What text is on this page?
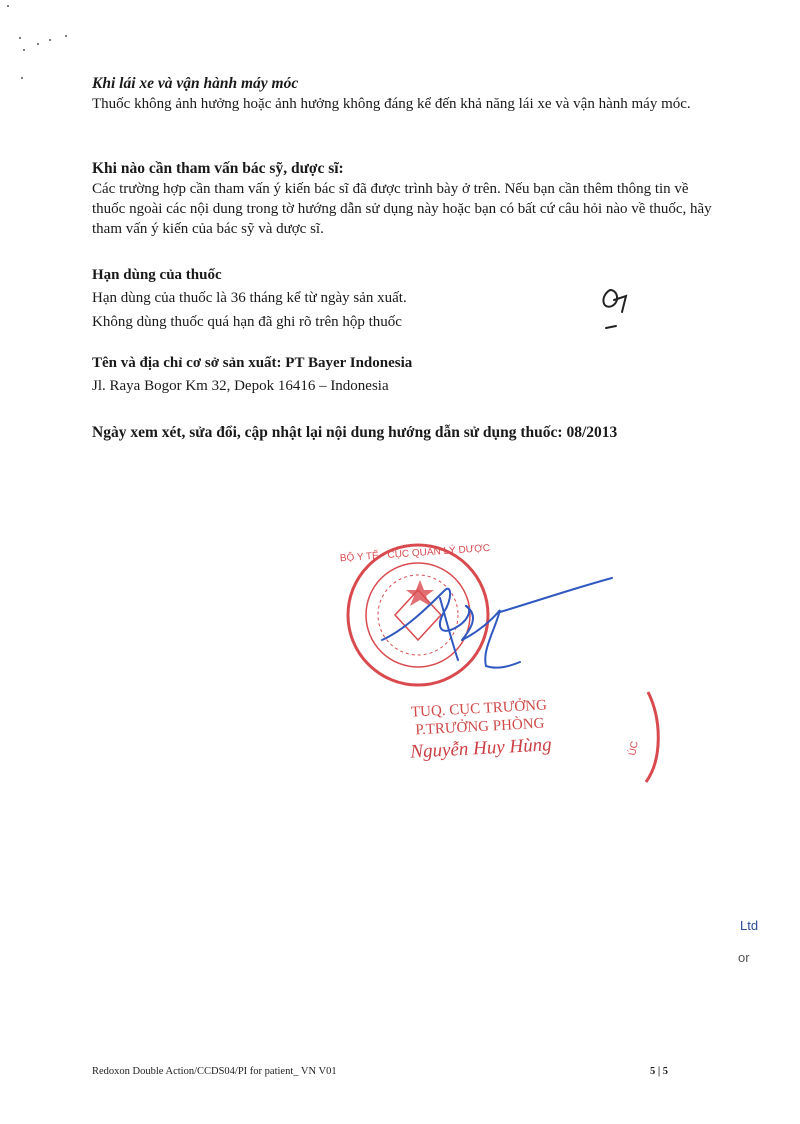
Khi lái xe và vận hành máy móc

Thuốc không ảnh hưởng hoặc ảnh hưởng không đáng kể đến khả năng lái xe và vận hành máy móc.

Khi nào cần tham vấn bác sỹ, dược sĩ:

Các trường hợp cần tham vấn ý kiến bác sĩ đã được trình bày ở trên. Nếu bạn cần thêm thông tin về thuốc ngoài các nội dung trong tờ hướng dẫn sử dụng này hoặc bạn có bất cứ câu hỏi nào về thuốc, hãy tham vấn ý kiến của bác sỹ và dược sĩ.

Hạn dùng của thuốc

Hạn dùng của thuốc là 36 tháng kể từ ngày sản xuất.

Không dùng thuốc quá hạn đã ghi rõ trên hộp thuốc

Tên và địa chỉ cơ sở sản xuất: PT Bayer Indonesia

Jl. Raya Bogor Km 32, Depok 16416 – Indonesia

Ngày xem xét, sửa đổi, cập nhật lại nội dung hướng dẫn sử dụng thuốc: 08/2013

BỘ Y TẾ · CỤC QUẢN LÝ DƯỢC
ÚC
TUQ. CỤC TRƯỞNG
P.TRƯỞNG PHÒNG
Nguyễn Huy Hùng
Ltd
or
Redoxon Double Action/CCDS04/PI for patient_ VN V01	5 | 5
